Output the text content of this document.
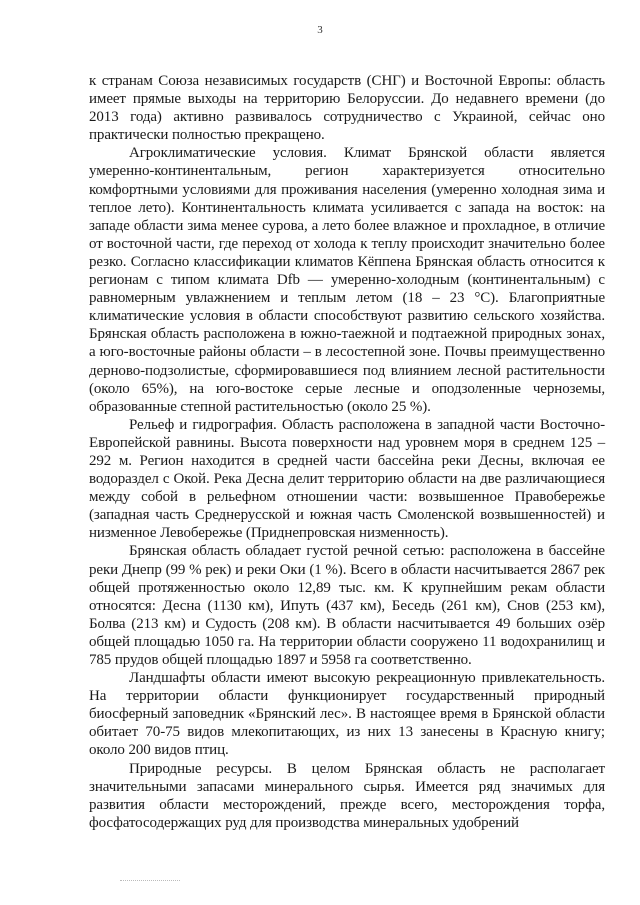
3

к странам Союза независимых государств (СНГ) и Восточной Европы: область имеет прямые выходы на территорию Белоруссии. До недавнего времени (до 2013 года) активно развивалось сотрудничество с Украиной, сейчас оно практически полностью прекращено.

Агроклиматические условия. Климат Брянской области является умеренно-континентальным, регион характеризуется относительно комфортными условиями для проживания населения (умеренно холодная зима и теплое лето). Континентальность климата усиливается с запада на восток: на западе области зима менее сурова, а лето более влажное и прохладное, в отличие от восточной части, где переход от холода к теплу происходит значительно более резко. Согласно классификации климатов Кёппена Брянская область относится к регионам с типом климата Dfb — умеренно-холодным (континентальным) с равномерным увлажнением и теплым летом (18 – 23 °С). Благоприятные климатические условия в области способствуют развитию сельского хозяйства. Брянская область расположена в южно-таежной и подтаежной природных зонах, а юго-восточные районы области – в лесостепной зоне. Почвы преимущественно дерново-подзолистые, сформировавшиеся под влиянием лесной растительности (около 65%), на юго-востоке серые лесные и оподзоленные черноземы, образованные степной растительностью (около 25 %).

Рельеф и гидрография. Область расположена в западной части Восточно-Европейской равнины. Высота поверхности над уровнем моря в среднем 125 – 292 м. Регион находится в средней части бассейна реки Десны, включая ее водораздел с Окой. Река Десна делит территорию области на две различающиеся между собой в рельефном отношении части: возвышенное Правобережье (западная часть Среднерусской и южная часть Смоленской возвышенностей) и низменное Левобережье (Приднепровская низменность).

Брянская область обладает густой речной сетью: расположена в бассейне реки Днепр (99 % рек) и реки Оки (1 %). Всего в области насчитывается 2867 рек общей протяженностью около 12,89 тыс. км. К крупнейшим рекам области относятся: Десна (1130 км), Ипуть (437 км), Беседь (261 км), Снов (253 км), Болва (213 км) и Судость (208 км). В области насчитывается 49 больших озёр общей площадью 1050 га. На территории области сооружено 11 водохранилищ и 785 прудов общей площадью 1897 и 5958 га соответственно.

Ландшафты области имеют высокую рекреационную привлекательность. На территории области функционирует государственный природный биосферный заповедник «Брянский лес». В настоящее время в Брянской области обитает 70-75 видов млекопитающих, из них 13 занесены в Красную книгу; около 200 видов птиц.

Природные ресурсы. В целом Брянская область не располагает значительными запасами минерального сырья. Имеется ряд значимых для развития области месторождений, прежде всего, месторождения торфа, фосфатосодержащих руд для производства минеральных удобрений
